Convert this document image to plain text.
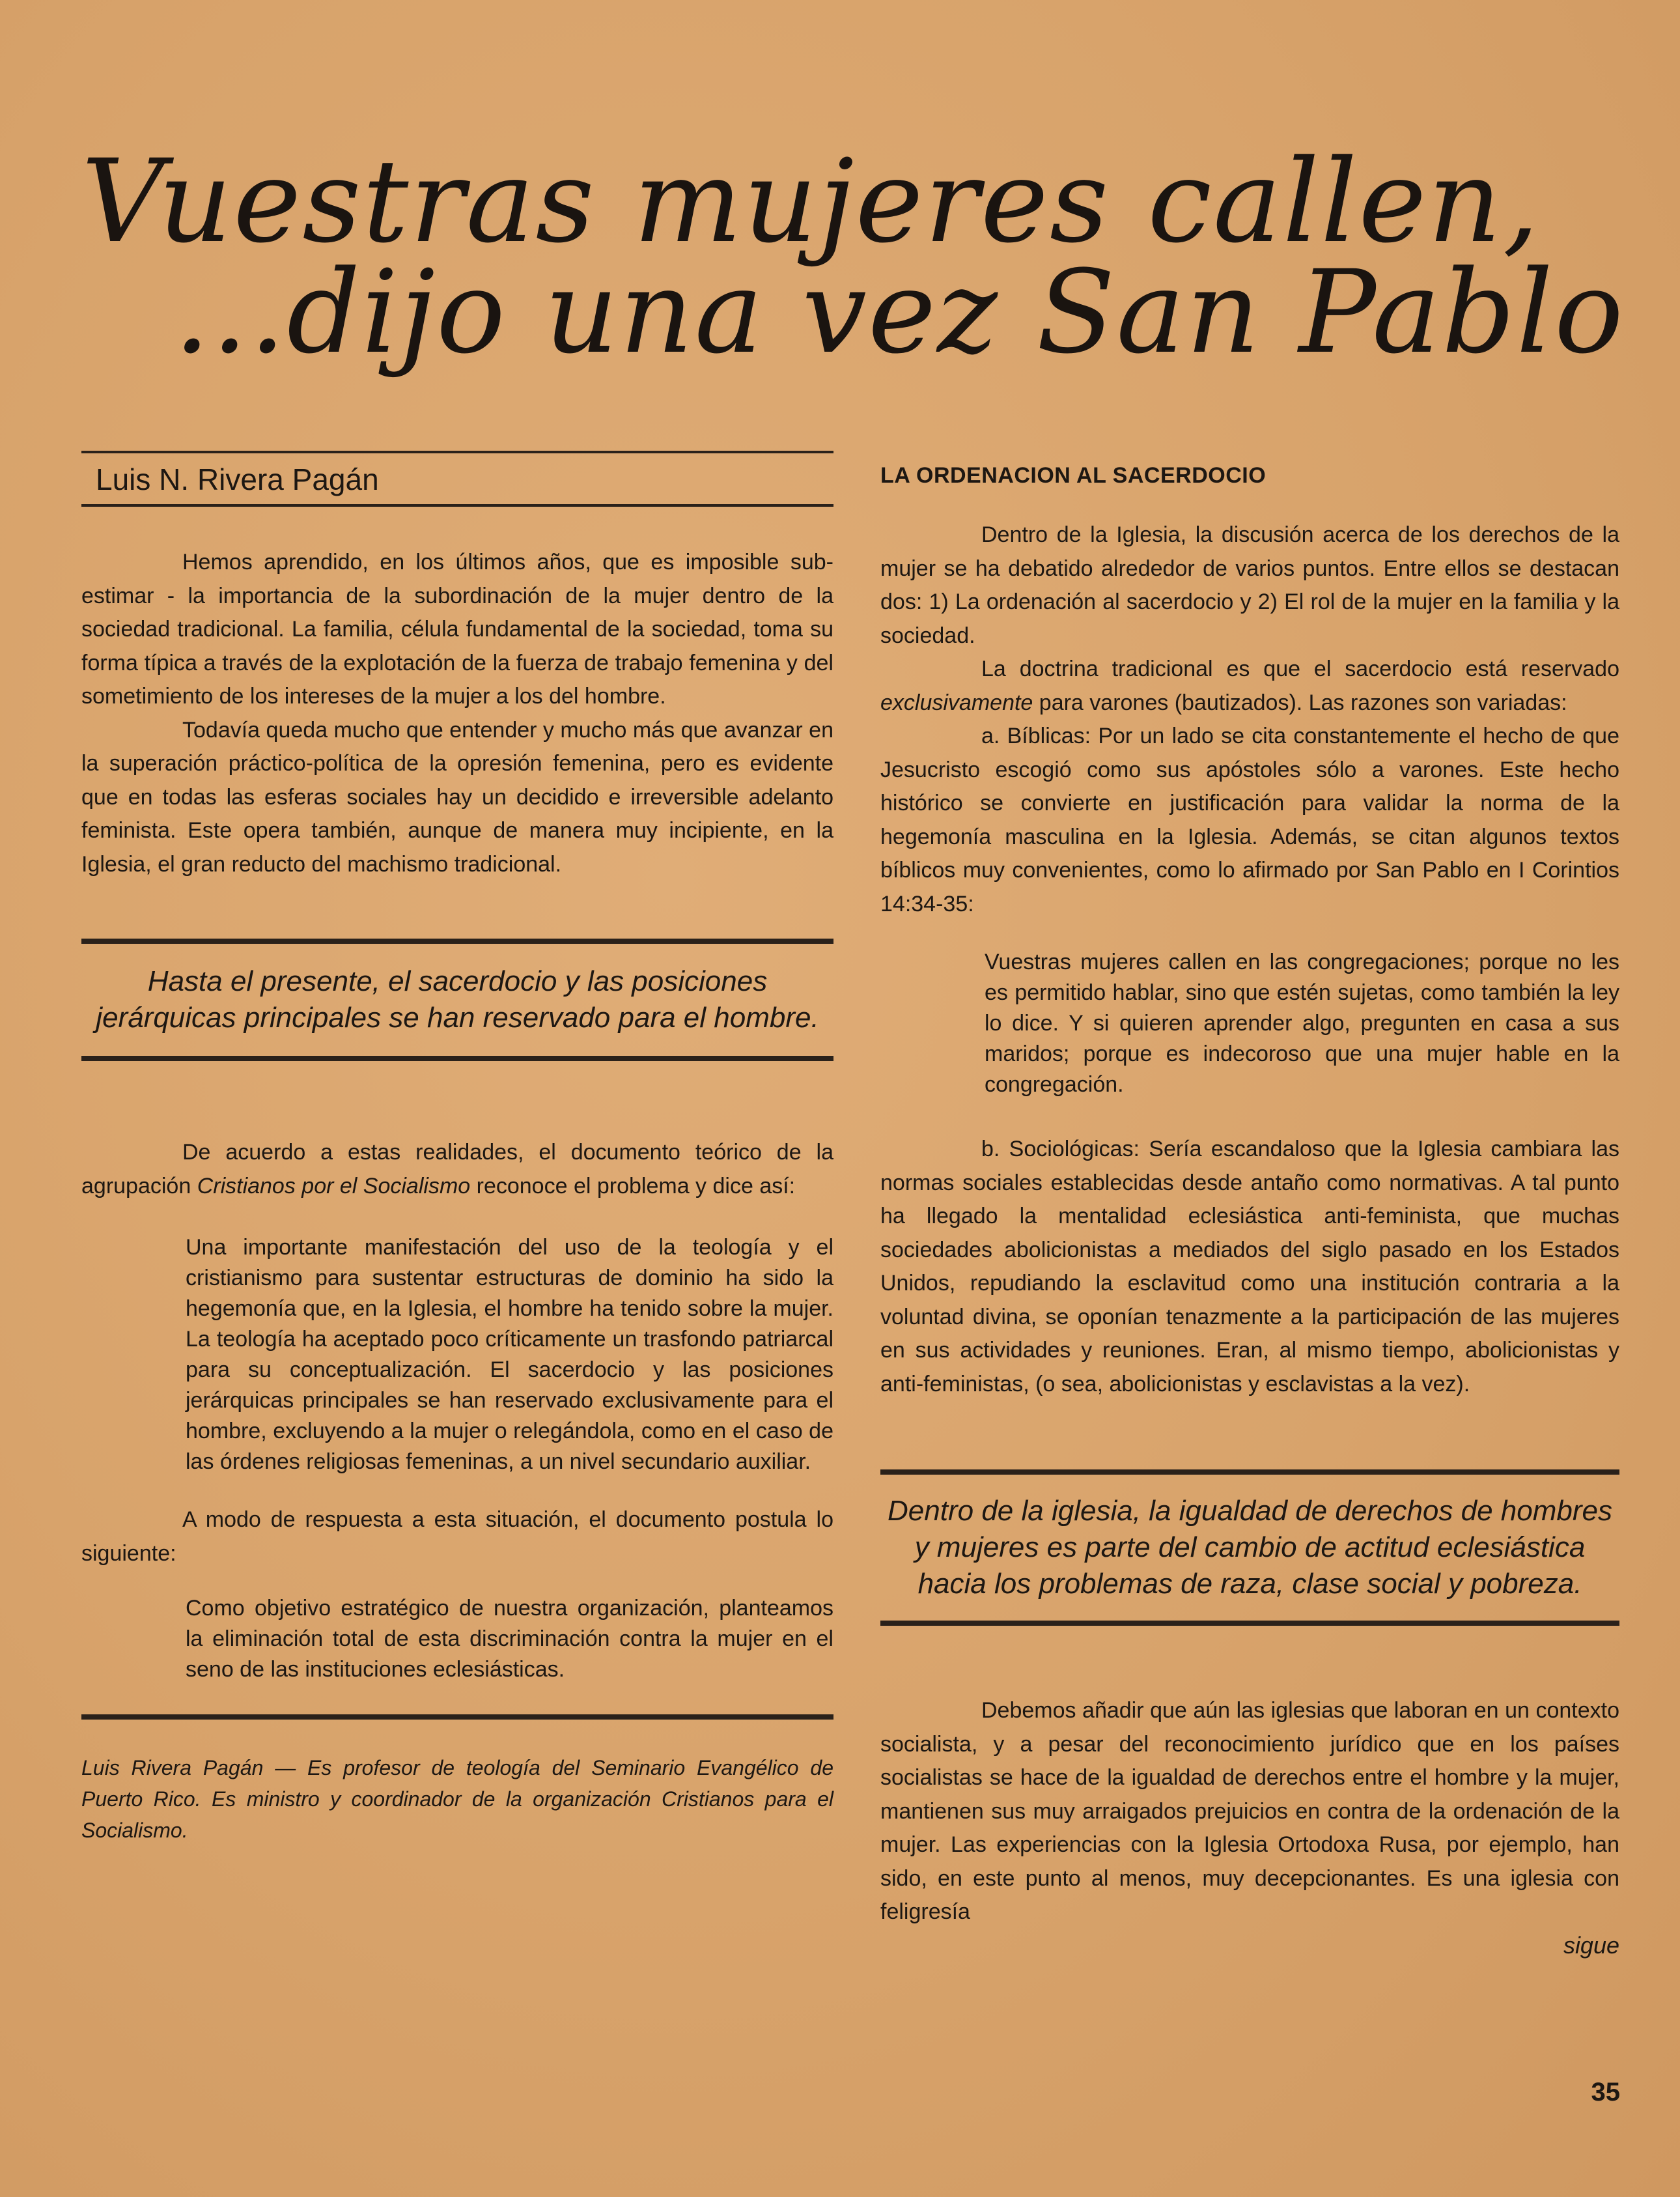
Vuestras mujeres callen,
...dijo una vez San Pablo
Luis N. Rivera Pagán

Hemos aprendido, en los últimos años, que es imposible sub-estimar - la importancia de la subordinación de la mujer dentro de la sociedad tradicional. La familia, célula fundamental de la sociedad, toma su forma típica a través de la explotación de la fuerza de trabajo femenina y del sometimiento de los intereses de la mujer a los del hombre.

Todavía queda mucho que entender y mucho más que avanzar en la superación práctico-política de la opresión femenina, pero es evidente que en todas las esferas sociales hay un decidido e irreversible adelanto feminista. Este opera también, aunque de manera muy incipiente, en la Iglesia, el gran reducto del machismo tradicional.

Hasta el presente, el sacerdocio y las posiciones jerárquicas principales se han reservado para el hombre.

De acuerdo a estas realidades, el documento teórico de la agrupación Cristianos por el Socialismo reconoce el problema y dice así:

Una importante manifestación del uso de la teología y el cristianismo para sustentar estructuras de dominio ha sido la hegemonía que, en la Iglesia, el hombre ha tenido sobre la mujer. La teología ha aceptado poco críticamente un trasfondo patriarcal para su conceptualización. El sacerdocio y las posiciones jerárquicas principales se han reservado exclusivamente para el hombre, excluyendo a la mujer o relegándola, como en el caso de las órdenes religiosas femeninas, a un nivel secundario auxiliar.

A modo de respuesta a esta situación, el documento postula lo siguiente:

Como objetivo estratégico de nuestra organización, planteamos la eliminación total de esta discriminación contra la mujer en el seno de las instituciones eclesiásticas.

Luis Rivera Pagán — Es profesor de teología del Seminario Evangélico de Puerto Rico. Es ministro y coordinador de la organización Cristianos para el Socialismo.

LA ORDENACION AL SACERDOCIO

Dentro de la Iglesia, la discusión acerca de los derechos de la mujer se ha debatido alrededor de varios puntos. Entre ellos se destacan dos: 1) La ordenación al sacerdocio y 2) El rol de la mujer en la familia y la sociedad.

La doctrina tradicional es que el sacerdocio está reservado exclusivamente para varones (bautizados). Las razones son variadas:

a. Bíblicas: Por un lado se cita constantemente el hecho de que Jesucristo escogió como sus apóstoles sólo a varones. Este hecho histórico se convierte en justificación para validar la norma de la hegemonía masculina en la Iglesia. Además, se citan algunos textos bíblicos muy convenientes, como lo afirmado por San Pablo en I Corintios 14:34-35:

Vuestras mujeres callen en las congregaciones; porque no les es permitido hablar, sino que estén sujetas, como también la ley lo dice. Y si quieren aprender algo, pregunten en casa a sus maridos; porque es indecoroso que una mujer hable en la congregación.

b. Sociológicas: Sería escandaloso que la Iglesia cambiara las normas sociales establecidas desde antaño como normativas. A tal punto ha llegado la mentalidad eclesiástica anti-feminista, que muchas sociedades abolicionistas a mediados del siglo pasado en los Estados Unidos, repudiando la esclavitud como una institución contraria a la voluntad divina, se oponían tenazmente a la participación de las mujeres en sus actividades y reuniones. Eran, al mismo tiempo, abolicionistas y anti-feministas, (o sea, abolicionistas y esclavistas a la vez).

Dentro de la iglesia, la igualdad de derechos de hombres y mujeres es parte del cambio de actitud eclesiástica hacia los problemas de raza, clase social y pobreza.

Debemos añadir que aún las iglesias que laboran en un contexto socialista, y a pesar del reconocimiento jurídico que en los países socialistas se hace de la igualdad de derechos entre el hombre y la mujer, mantienen sus muy arraigados prejuicios en contra de la ordenación de la mujer. Las experiencias con la Iglesia Ortodoxa Rusa, por ejemplo, han sido, en este punto al menos, muy decepcionantes. Es una iglesia con feligresía

sigue

35
